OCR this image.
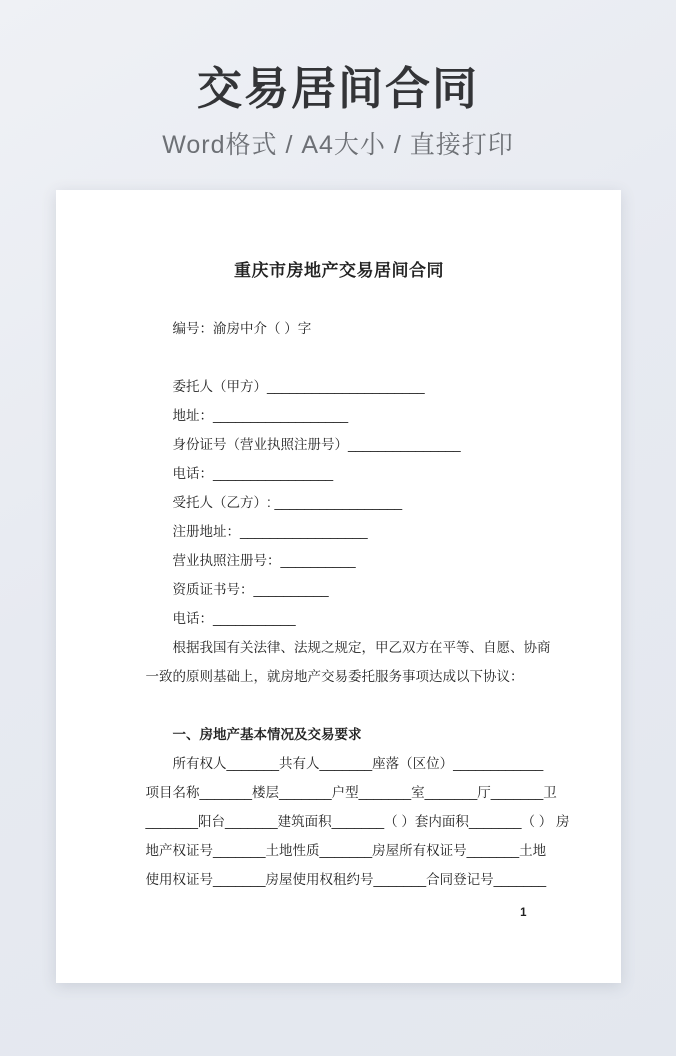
交易居间合同
Word格式 / A4大小 / 直接打印
重庆市房地产交易居间合同

编号：渝房中介（ ）字

委托人（甲方）_____________________
地址：__________________
身份证号（营业执照注册号）_______________
电话：________________
受托人（乙方）: _________________
注册地址：_________________
营业执照注册号：__________
资质证书号：__________
电话：___________
根据我国有关法律、法规之规定，甲乙双方在平等、自愿、协商
一致的原则基础上，就房地产交易委托服务事项达成以下协议：

一、房地产基本情况及交易要求
所有权人_______共有人_______座落（区位）____________
项目名称_______楼层_______户型_______室_______厅_______卫
_______阳台_______建筑面积_______（ ）套内面积_______（ ） 房
地产权证号_______土地性质_______房屋所有权证号_______土地
使用权证号_______房屋使用权租约号_______合同登记号_______
1
